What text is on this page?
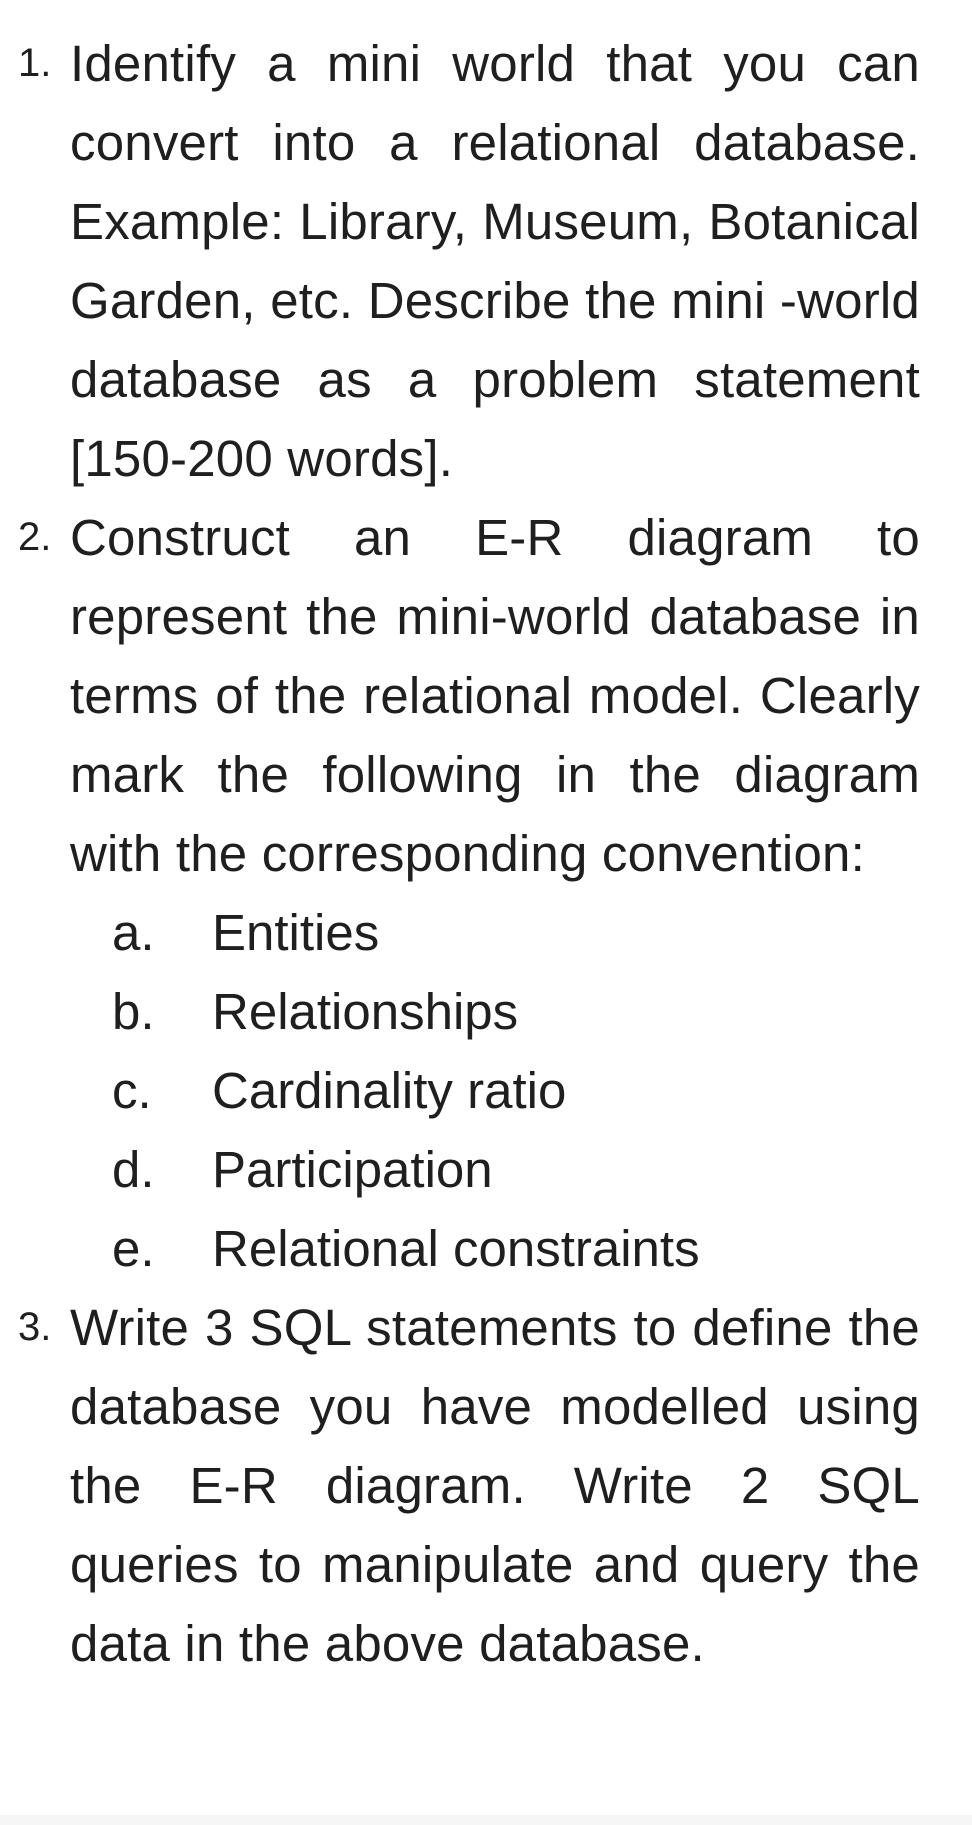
1. Identify a mini world that you can convert into a relational database. Example: Library, Museum, Botanical Garden, etc. Describe the mini -world database as a problem statement [150-200 words].

2. Construct an E-R diagram to represent the mini-world database in terms of the relational model. Clearly mark the following in the diagram with the corresponding convention:

a. Entities
b. Relationships
c. Cardinality ratio
d. Participation
e. Relational constraints
3. Write 3 SQL statements to define the database you have modelled using the E-R diagram. Write 2 SQL queries to manipulate and query the data in the above database.
